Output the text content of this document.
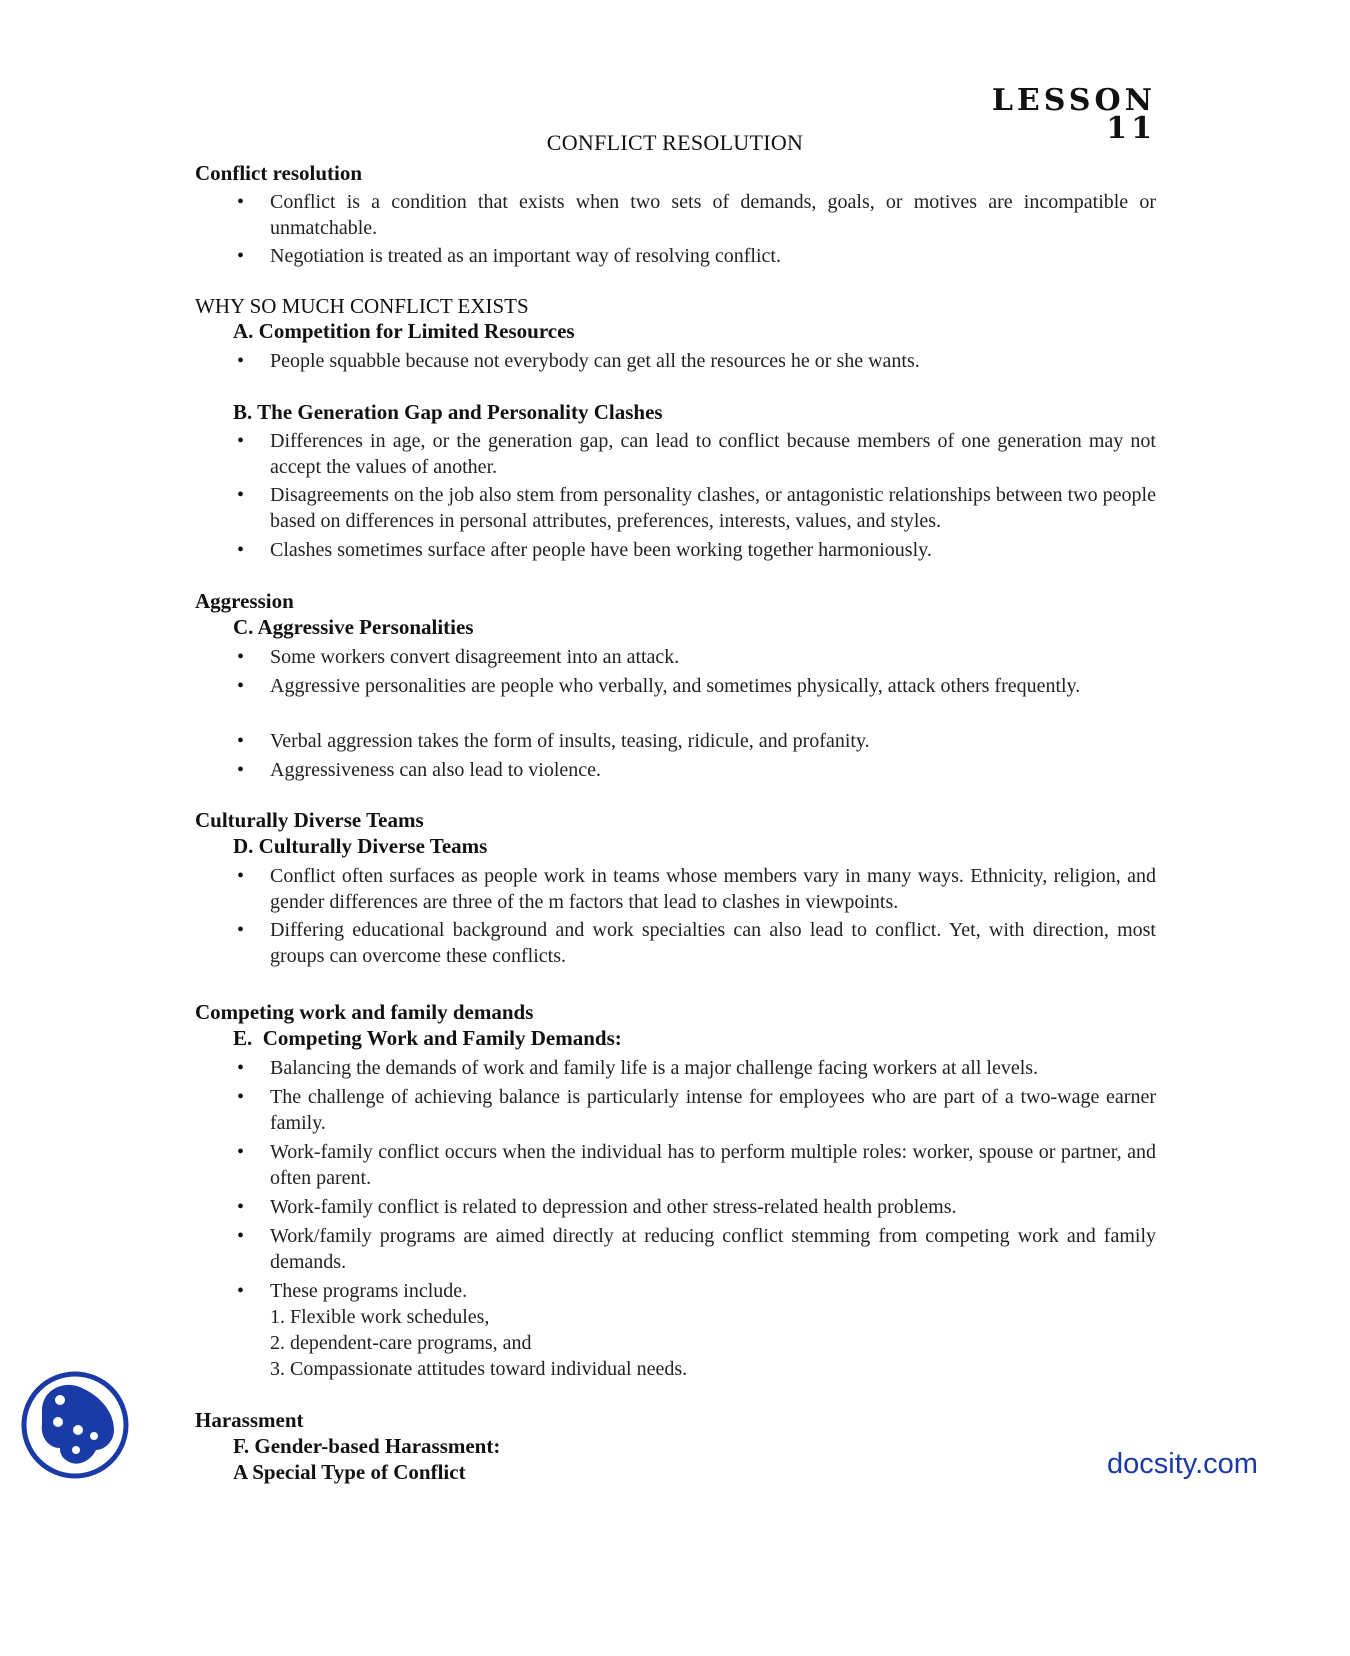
LESSON 11
CONFLICT RESOLUTION
Conflict resolution
• Conflict is a condition that exists when two sets of demands, goals, or motives are incompatible or unmatchable.
• Negotiation is treated as an important way of resolving conflict.
WHY SO MUCH CONFLICT EXISTS
A. Competition for Limited Resources
• People squabble because not everybody can get all the resources he or she wants.
B. The Generation Gap and Personality Clashes
• Differences in age, or the generation gap, can lead to conflict because members of one generation may not accept the values of another.
• Disagreements on the job also stem from personality clashes, or antagonistic relationships between two people based on differences in personal attributes, preferences, interests, values, and styles.
• Clashes sometimes surface after people have been working together harmoniously.
Aggression
C. Aggressive Personalities
• Some workers convert disagreement into an attack.
• Aggressive personalities are people who verbally, and sometimes physically, attack others frequently.
• Verbal aggression takes the form of insults, teasing, ridicule, and profanity.
• Aggressiveness can also lead to violence.
Culturally Diverse Teams
D. Culturally Diverse Teams
• Conflict often surfaces as people work in teams whose members vary in many ways. Ethnicity, religion, and gender differences are three of the m factors that lead to clashes in viewpoints.
• Differing educational background and work specialties can also lead to conflict. Yet, with direction, most groups can overcome these conflicts.
Competing work and family demands
E.  Competing Work and Family Demands:
• Balancing the demands of work and family life is a major challenge facing workers at all levels.
• The challenge of achieving balance is particularly intense for employees who are part of a two-wage earner family.
• Work-family conflict occurs when the individual has to perform multiple roles: worker, spouse or partner, and often parent.
• Work-family conflict is related to depression and other stress-related health problems.
• Work/family programs are aimed directly at reducing conflict stemming from competing work and family demands.
• These programs include.
1. Flexible work schedules,
2. dependent-care programs, and
3. Compassionate attitudes toward individual needs.
Harassment
F. Gender-based Harassment:
A Special Type of Conflict	docsity.com
